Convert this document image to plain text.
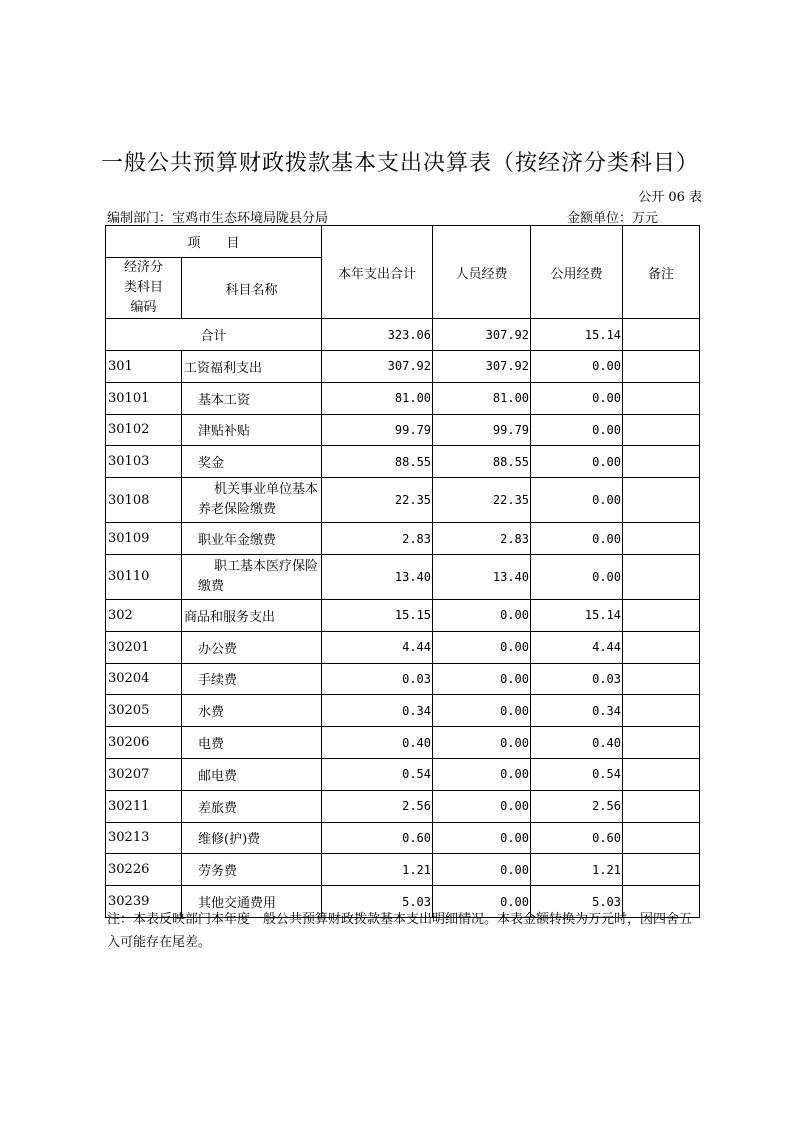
一般公共预算财政拨款基本支出决算表（按经济分类科目）
公开 06 表
编制部门：宝鸡市生态环境局陇县分局	金额单位：万元
项　　目		本年支出合计	人员经费	公用经费	备注
经济分类科目编码	科目名称				
合计		323.06	307.92	15.14	
301	工资福利支出	307.92	307.92	0.00	
30101	基本工资	81.00	81.00	0.00	
30102	津贴补贴	99.79	99.79	0.00	
30103	奖金	88.55	88.55	0.00	
30108	机关事业单位基本养老保险缴费	22.35	22.35	0.00	
30109	职业年金缴费	2.83	2.83	0.00	
30110	职工基本医疗保险缴费	13.40	13.40	0.00	
302	商品和服务支出	15.15	0.00	15.14	
30201	办公费	4.44	0.00	4.44	
30204	手续费	0.03	0.00	0.03	
30205	水费	0.34	0.00	0.34	
30206	电费	0.40	0.00	0.40	
30207	邮电费	0.54	0.00	0.54	
30211	差旅费	2.56	0.00	2.56	
30213	维修(护)费	0.60	0.00	0.60	
30226	劳务费	1.21	0.00	1.21	
30239	其他交通费用	5.03	0.00	5.03	
注：本表反映部门本年度一般公共预算财政拨款基本支出明细情况。本表金额转换为万元时，因四舍五入可能存在尾差。
